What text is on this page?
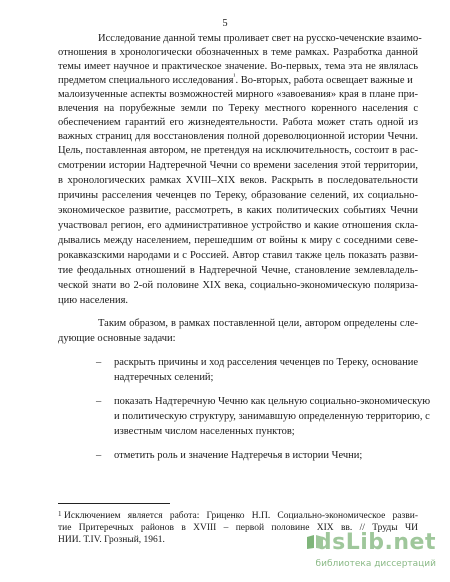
5
Исследование данной темы проливает свет на русско-чеченские взаимо-
отношения в хронологически обозначенных в теме рамках. Разработка данной
темы имеет научное и практическое значение. Во-первых, тема эта не являлась
предметом специального исследования$^{^1}$. Во-вторых, работа освещает важные и
малоизученные аспекты возможностей мирного «завоевания» края в плане при-
влечения на порубежные земли по Тереку местного коренного населения с
обеспечением гарантий его жизнедеятельности. Работа может стать одной из
важных страниц для восстановления полной дореволюционной истории Чечни.
Цель, поставленная автором, не претендуя на исключительность, состоит в рас-
смотрении истории Надтеречной Чечни со времени заселения этой территории,
в хронологических рамках XVIII–XIX веков. Раскрыть в последовательности
причины расселения чеченцев по Тереку, образование селений, их социально-
экономическое развитие, рассмотреть, в каких политических событиях Чечни
участвовал регион, его административное устройство и какие отношения скла-
дывались между населением, перешедшим от войны к миру с соседними севе-
рокавказскими народами и с Россией. Автор ставил также цель показать разви-
тие феодальных отношений в Надтеречной Чечне, становление землевладель-
ческой знати во 2-ой половине XIX века, социально-экономическую поляриза-
цию населения.
Таким образом, в рамках поставленной цели, автором определены сле-
дующие основные задачи:
– раскрыть причины и ход расселения чеченцев по Тереку, основание
надтеречных селений;
– показать Надтеречную Чечню как цельную социально-экономическую
и политическую структуру, занимавшую определенную территорию, с
известным числом населенных пунктов;
– отметить роль и значение Надтеречья в истории Чечни;
1 Исключением является работа: Гриценко Н.П. Социально-экономическое разви-
тие Притеречных районов в XVIII – первой половине XIX вв. // Труды ЧИ
НИИ. Т.IV. Грозный, 1961.	dsLib.net
библиотека диссертаций
